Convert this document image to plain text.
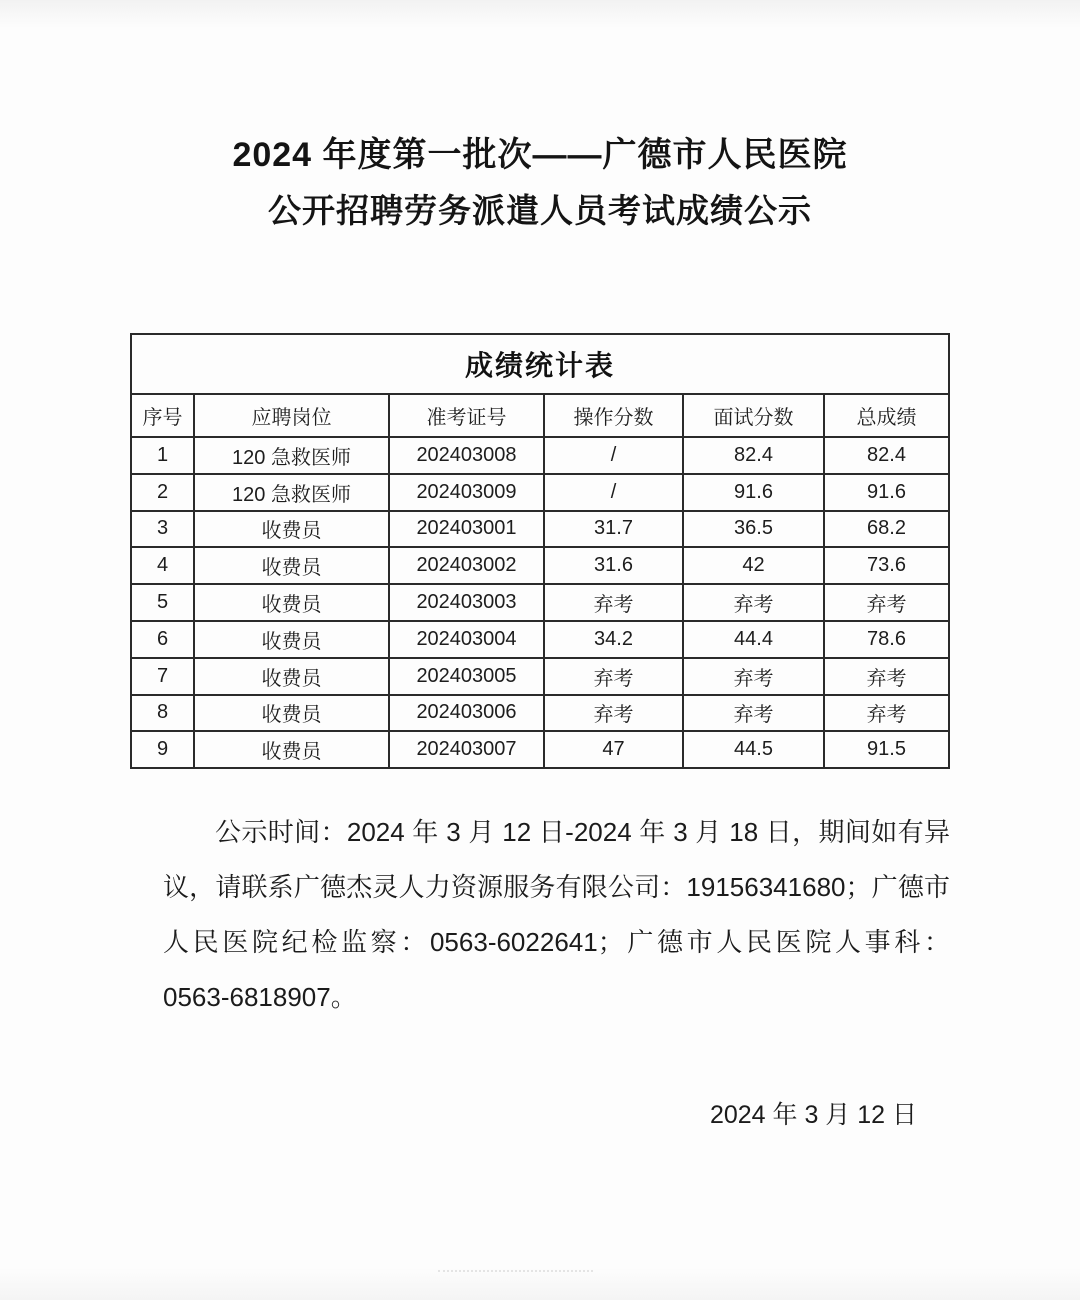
2024 年度第一批次——广德市人民医院
公开招聘劳务派遣人员考试成绩公示
成绩统计表					
序号	应聘岗位	准考证号	操作分数	面试分数	总成绩
1	120 急救医师	202403008	/	82.4	82.4
2	120 急救医师	202403009	/	91.6	91.6
3	收费员	202403001	31.7	36.5	68.2
4	收费员	202403002	31.6	42	73.6
5	收费员	202403003	弃考	弃考	弃考
6	收费员	202403004	34.2	44.4	78.6
7	收费员	202403005	弃考	弃考	弃考
8	收费员	202403006	弃考	弃考	弃考
9	收费员	202403007	47	44.5	91.5
公示时间：2024 年 3 月 12 日-2024 年 3 月 18 日，期间如有异
议，请联系广德杰灵人力资源服务有限公司：19156341680；广德市
人民医院纪检监察：0563-6022641；广德市人民医院人事科：
0563-6818907。
2024 年 3 月 12 日
